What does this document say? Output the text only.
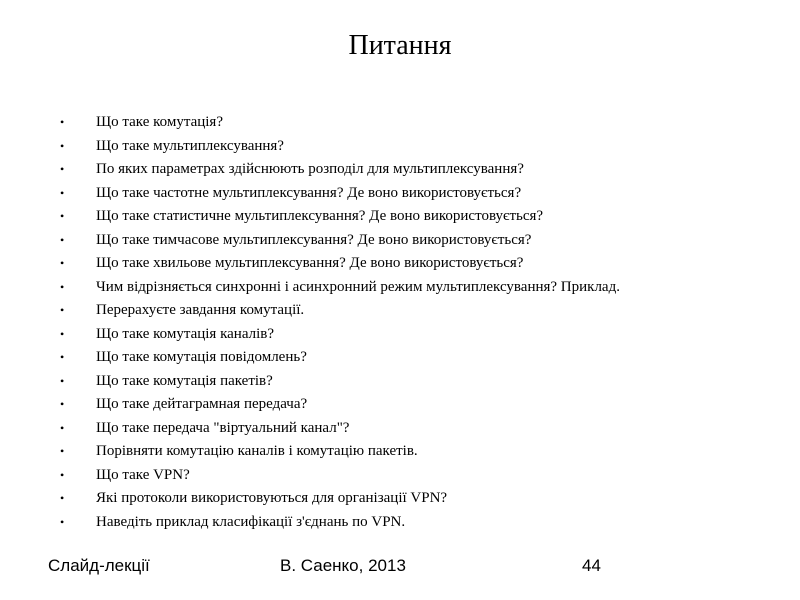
Питання
•	Що таке комутація?
•	Що таке мультиплексування?
•	По яких параметрах здійснюють розподіл для мультиплексування?
•	Що таке частотне мультиплексування? Де воно використовується?
•	Що таке статистичне мультиплексування? Де воно використовується?
•	Що таке тимчасове мультиплексування? Де воно використовується?
•	Що таке хвильове мультиплексування? Де воно використовується?
•	Чим відрізняється синхронні і асинхронний режим мультиплексування? Приклад.
•	Перерахуєте завдання комутації.
•	Що таке комутація каналів?
•	Що таке комутація повідомлень?
•	Що таке комутація пакетів?
•	Що таке дейтаграмная передача?
•	Що таке передача "віртуальний канал"?
•	Порівняти комутацію каналів і комутацію пакетів.
•	Що таке VPN?
•	Які протоколи використовуються для організації VPN?
•	Наведіть приклад класифікації з'єднань по VPN.
Слайд-лекції	В. Саенко, 2013	44
